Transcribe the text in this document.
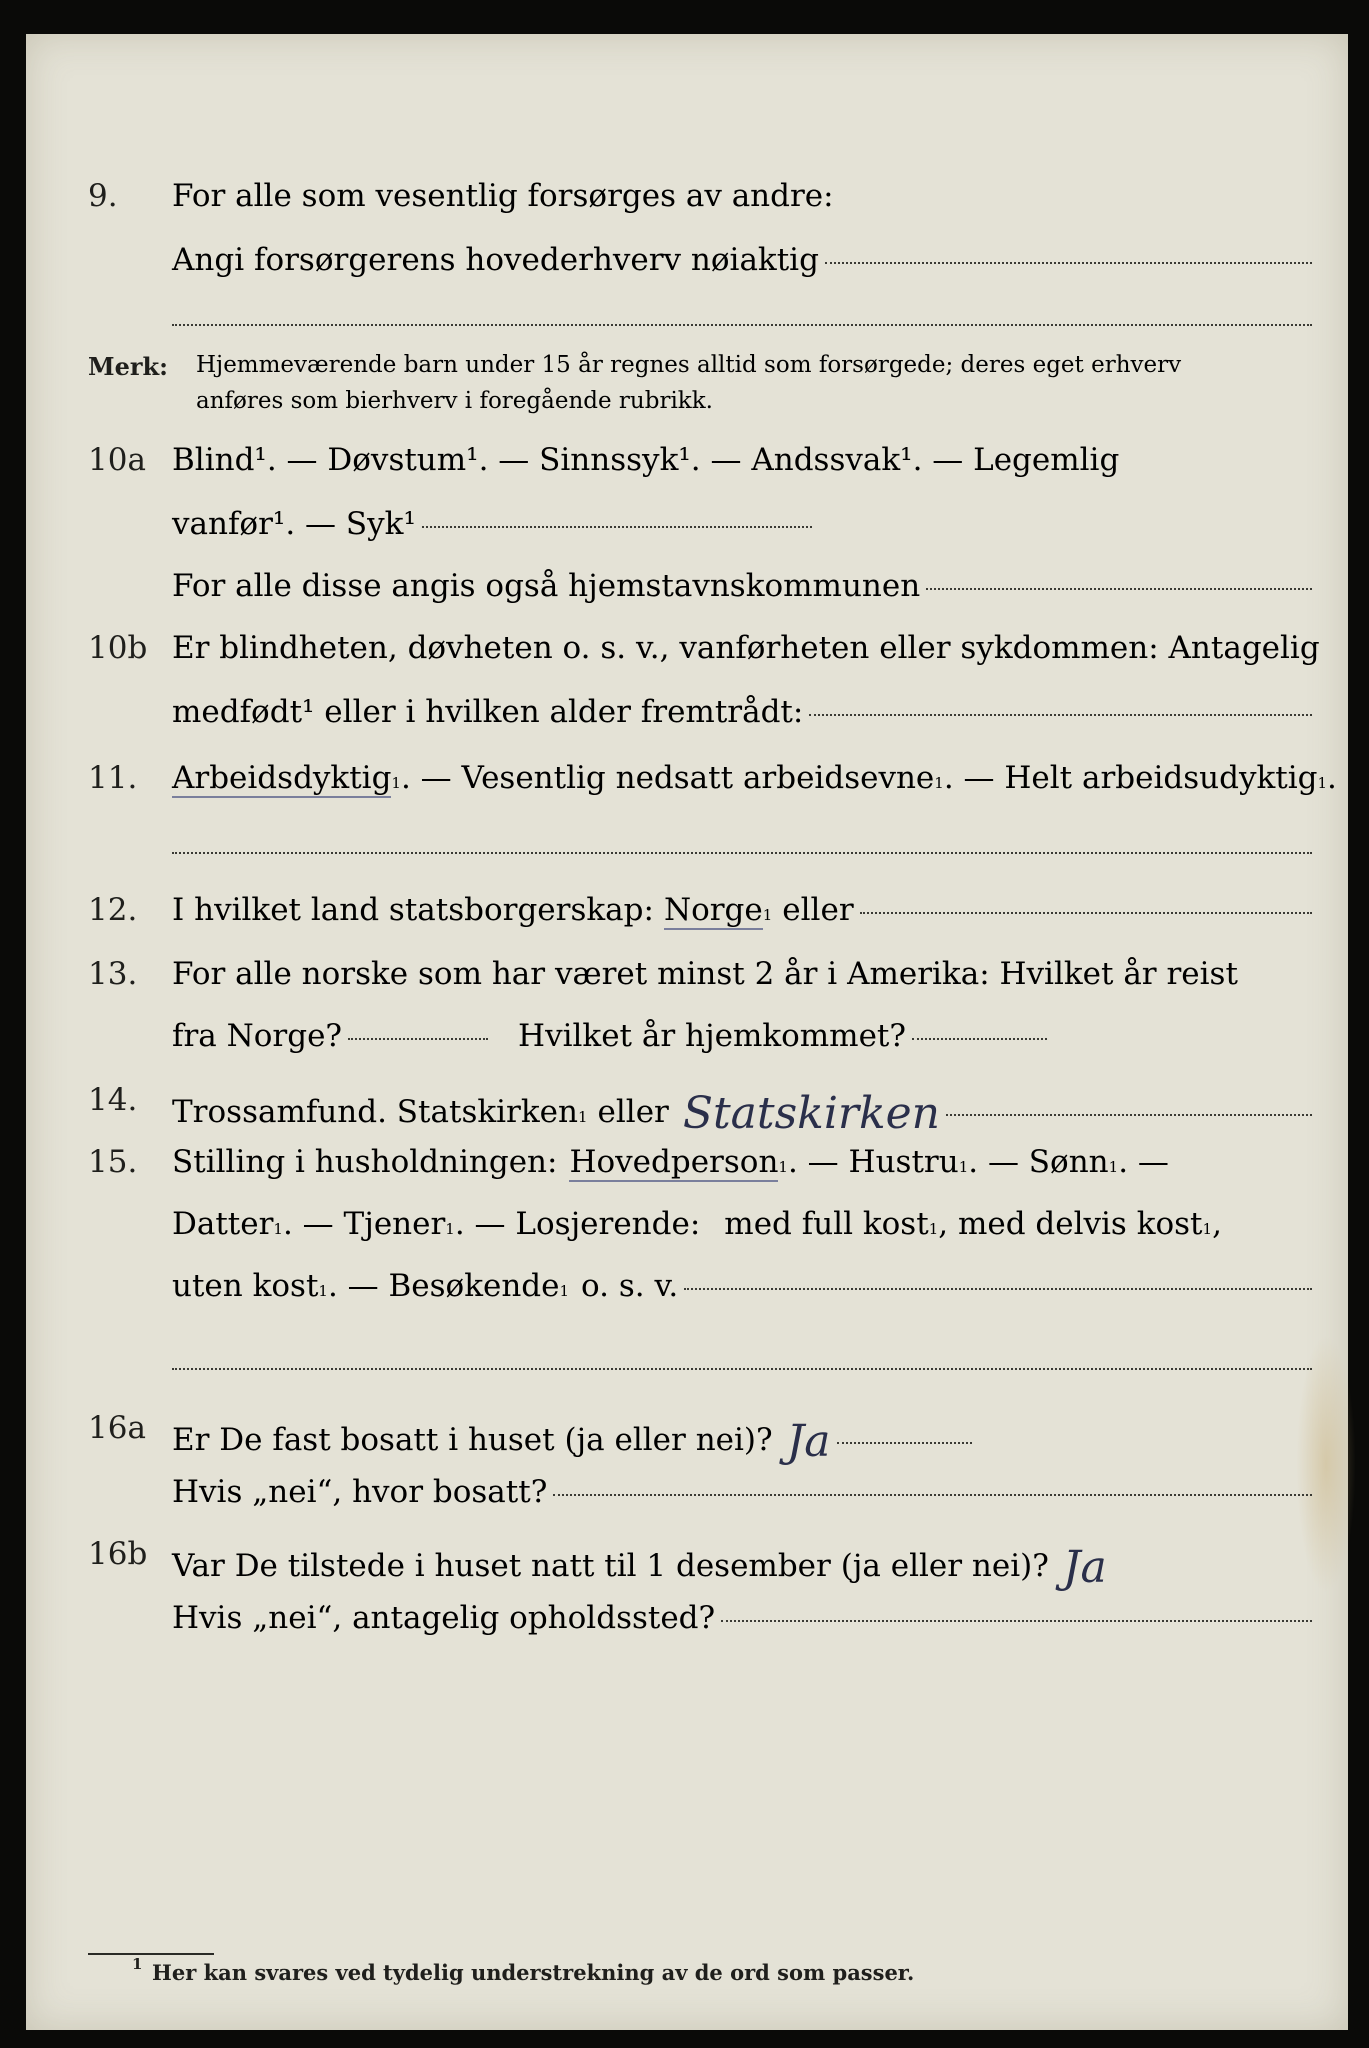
9. For alle som vesentlig forsørges av andre:
Angi forsørgerens hovederhverv nøiaktig
Merk: Hjemmeværende barn under 15 år regnes alltid som forsørgede; deres eget erhverv
anføres som bierhverv i foregående rubrikk.
10a Blind¹. — Døvstum¹. — Sinnssyk¹. — Andssvak¹. — Legemlig
vanfør¹. — Syk¹
For alle disse angis også hjemstavnskommunen
10b Er blindheten, døvheten o. s. v., vanførheten eller sykdommen: Antagelig
medfødt¹ eller i hvilken alder fremtrådt:
11. Arbeidsdyktig 1 . — Vesentlig nedsatt arbeidsevne 1 . — Helt arbeidsudyktig 1 .
12. I hvilket land statsborgerskap: Norge 1 eller
13. For alle norske som har været minst 2 år i Amerika: Hvilket år reist
fra Norge?	Hvilket år hjemkommet?
14. Trossamfund. Statskirken 1 eller Statskirken
15. Stilling i husholdningen: Hovedperson 1 . — Hustru 1 . — Sønn 1 . —
Datter 1 . — Tjener 1 . — Losjerende: med full kost 1 , med delvis kost 1 ,
uten kost 1 . — Besøkende 1 o. s. v.
16a Er De fast bosatt i huset (ja eller nei)? Ja
Hvis „nei“, hvor bosatt?
16b Var De tilstede i huset natt til 1 desember (ja eller nei)? Ja
Hvis „nei“, antagelig opholdssted?
1 Her kan svares ved tydelig understrekning av de ord som passer.
